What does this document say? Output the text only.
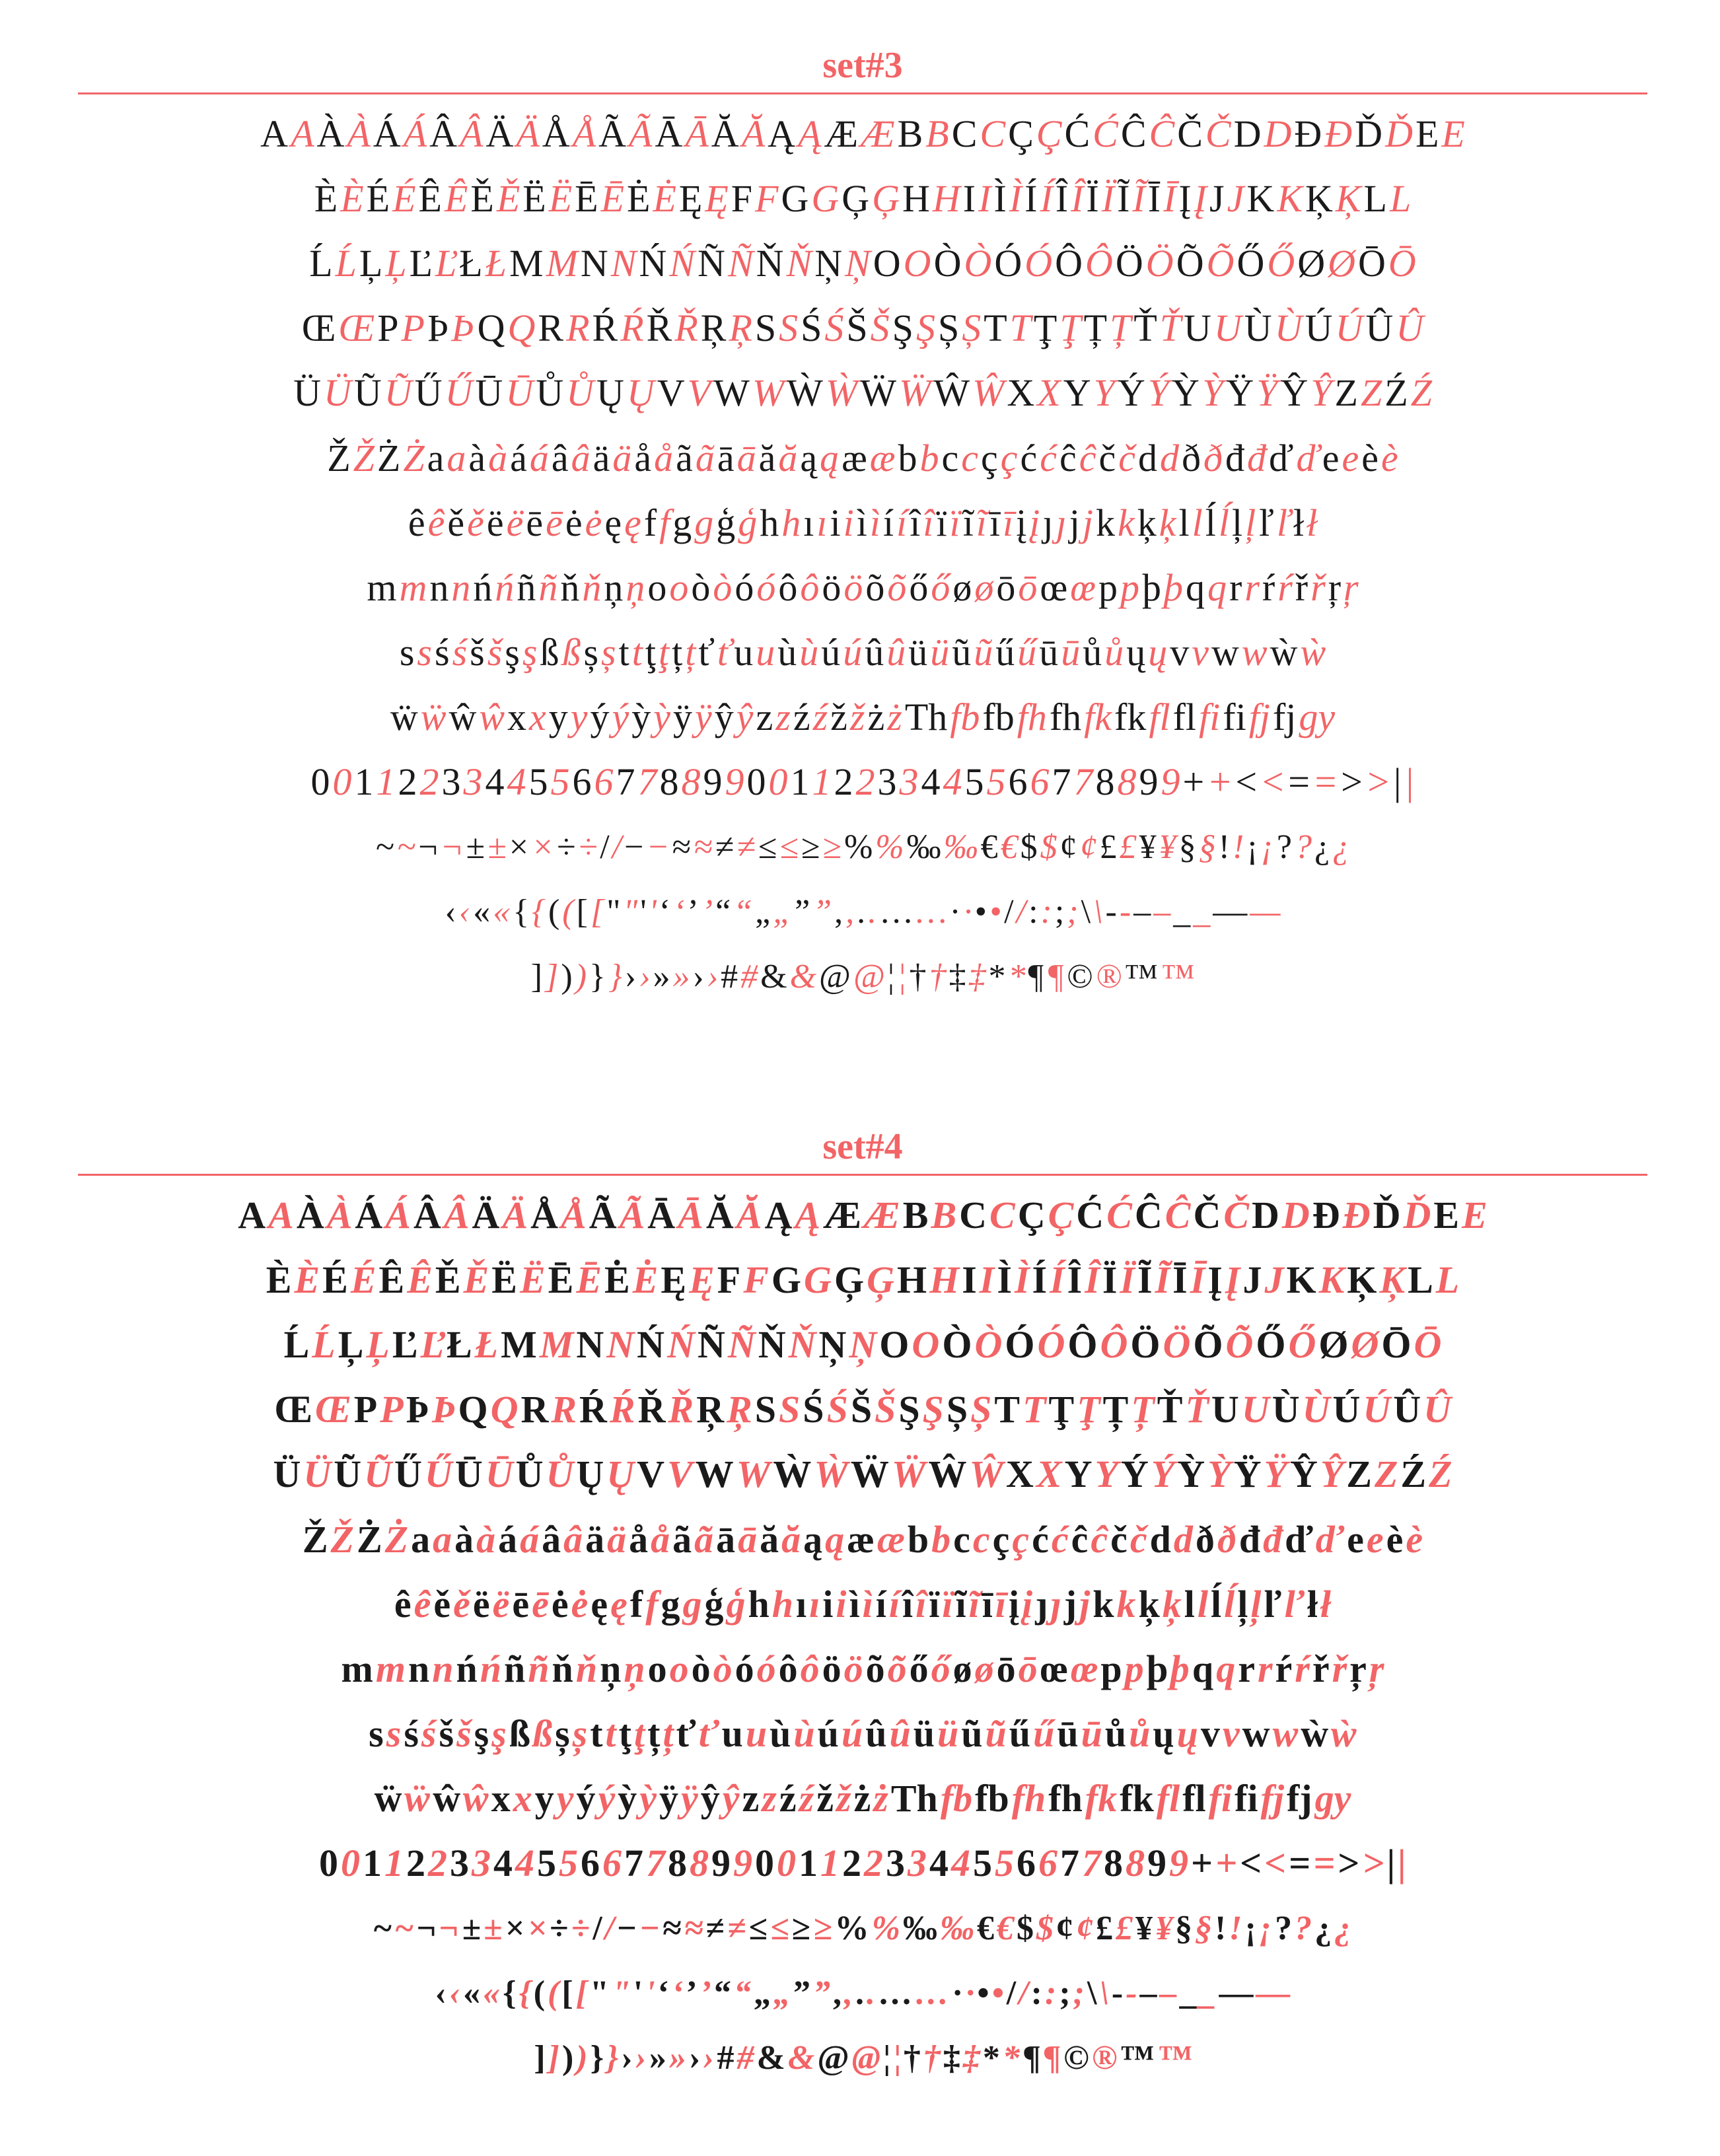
set#3
A A À À Á Á Â Â Ä Ä Å Å Ã Ã Ā Ā Ă Ă Ą Ą Æ Æ B B C C Ç Ç Ć Ć Ĉ Ĉ Č Č D D Đ Đ Ď Ď E E
È È É É Ê Ê Ě Ě Ë Ë Ē Ē Ė Ė Ę Ę F F G G Ģ Ģ H H I I Ì Ì Í Í Î Î Ï Ï Ĩ Ĩ Ī Ī Į Į J J K K Ķ Ķ L L
Ĺ Ĺ Ļ Ļ Ľ Ľ Ł Ł M M N N Ń Ń Ñ Ñ Ň Ň Ņ Ņ O O Ò Ò Ó Ó Ô Ô Ö Ö Õ Õ Ő Ő Ø Ø Ō Ō
Œ Œ P P Þ Þ Q Q R R Ŕ Ŕ Ř Ř Ŗ Ŗ S S Ś Ś Š Š Ş Ş Ș Ș T T Ţ Ţ Ț Ț Ť Ť U U Ù Ù Ú Ú Û Û
Ü Ü Ũ Ũ Ű Ű Ū Ū Ů Ů Ų Ų V V W W Ẁ Ẁ Ẅ Ẅ Ŵ Ŵ X X Y Y Ý Ý Ỳ Ỳ Ÿ Ÿ Ŷ Ŷ Z Z Ź Ź
Ž Ž Ż Ż a a à à á á â â ä ä å å ã ã ā ā ă ă ą ą æ æ b b c c ç ç ć ć ĉ ĉ č č d d ð ð đ đ ď ď e e è è
ê ê ě ě ë ë ē ē ė ė ę ę f f g g ģ ģ h h ı ı i i ì ì í í î î ï ï ĩ ĩ ī ī į į ȷ ȷ j j k k ķ ķ l l ĺ ĺ ļ ļ ľ ľ ł ł
m m n n ń ń ñ ñ ň ň ņ ņ o o ò ò ó ó ô ô ö ö õ õ ő ő ø ø ō ō œ œ p p þ þ q q r r ŕ ŕ ř ř ŗ ŗ
s s ś ś š š ş ş ß ß ș ș t t ţ ţ ț ț ť ť u u ù ù ú ú û û ü ü ũ ũ ű ű ū ū ů ů ų ų v v w w ẁ ẁ
ẅ ẅ ŵ ŵ x x y y ý ý ỳ ỳ ÿ ÿ ŷ ŷ z z ź ź ž ž ż ż Th fb fb fh fh fk fk fl fl fi fi fj fj gy
0 0 1 1 2 2 3 3 4 4 5 5 6 6 7 7 8 8 9 9 0 0 1 1 2 2 3 3 4 4 5 5 6 6 7 7 8 8 9 9 + + < < = = > > | |
~ ~ ¬ ¬ ± ± × × ÷ ÷ / / − − ≈ ≈ ≠ ≠ ≤ ≤ ≥ ≥ % % ‰ ‰ € € $ $ ¢ ¢ £ £ ¥ ¥ § § ! ! ¡ ¡ ? ? ¿ ¿
‹ ‹ « « { { ( ( [ [ " " ' ' ‘ ‘ ’ ’ “ “ „ „ ” ” , , . . … … · · • • / / : : ; ; \ \ - - – – _ _ — —
] ] ) ) } } › › » » › › # # & & @ @ ¦ ¦ † † ‡ ‡ * * ¶ ¶ © ® ™ ™
set#4
A A À À Á Á Â Â Ä Ä Å Å Ã Ã Ā Ā Ă Ă Ą Ą Æ Æ B B C C Ç Ç Ć Ć Ĉ Ĉ Č Č D D Đ Đ Ď Ď E E
È È É É Ê Ê Ě Ě Ë Ë Ē Ē Ė Ė Ę Ę F F G G Ģ Ģ H H I I Ì Ì Í Í Î Î Ï Ï Ĩ Ĩ Ī Ī Į Į J J K K Ķ Ķ L L
Ĺ Ĺ Ļ Ļ Ľ Ľ Ł Ł M M N N Ń Ń Ñ Ñ Ň Ň Ņ Ņ O O Ò Ò Ó Ó Ô Ô Ö Ö Õ Õ Ő Ő Ø Ø Ō Ō
Œ Œ P P Þ Þ Q Q R R Ŕ Ŕ Ř Ř Ŗ Ŗ S S Ś Ś Š Š Ş Ş Ș Ș T T Ţ Ţ Ț Ț Ť Ť U U Ù Ù Ú Ú Û Û
Ü Ü Ũ Ũ Ű Ű Ū Ū Ů Ů Ų Ų V V W W Ẁ Ẁ Ẅ Ẅ Ŵ Ŵ X X Y Y Ý Ý Ỳ Ỳ Ÿ Ÿ Ŷ Ŷ Z Z Ź Ź
Ž Ž Ż Ż a a à à á á â â ä ä å å ã ã ā ā ă ă ą ą æ æ b b c c ç ç ć ć ĉ ĉ č č d d ð ð đ đ ď ď e e è è
ê ê ě ě ë ë ē ē ė ė ę ę f f g g ģ ģ h h ı ı i i ì ì í í î î ï ï ĩ ĩ ī ī į į ȷ ȷ j j k k ķ ķ l l ĺ ĺ ļ ļ ľ ľ ł ł
m m n n ń ń ñ ñ ň ň ņ ņ o o ò ò ó ó ô ô ö ö õ õ ő ő ø ø ō ō œ œ p p þ þ q q r r ŕ ŕ ř ř ŗ ŗ
s s ś ś š š ş ş ß ß ș ș t t ţ ţ ț ț ť ť u u ù ù ú ú û û ü ü ũ ũ ű ű ū ū ů ů ų ų v v w w ẁ ẁ
ẅ ẅ ŵ ŵ x x y y ý ý ỳ ỳ ÿ ÿ ŷ ŷ z z ź ź ž ž ż ż Th fb fb fh fh fk fk fl fl fi fi fj fj gy
0 0 1 1 2 2 3 3 4 4 5 5 6 6 7 7 8 8 9 9 0 0 1 1 2 2 3 3 4 4 5 5 6 6 7 7 8 8 9 9 + + < < = = > > | |
~ ~ ¬ ¬ ± ± × × ÷ ÷ / / − − ≈ ≈ ≠ ≠ ≤ ≤ ≥ ≥ % % ‰ ‰ € € $ $ ¢ ¢ £ £ ¥ ¥ § § ! ! ¡ ¡ ? ? ¿ ¿
‹ ‹ « « { { ( ( [ [ " " ' ' ‘ ‘ ’ ’ “ “ „ „ ” ” , , . . … … · · • • / / : : ; ; \ \ - - – – _ _ — —
] ] ) ) } } › › » » › › # # & & @ @ ¦ ¦ † † ‡ ‡ * * ¶ ¶ © ® ™ ™
